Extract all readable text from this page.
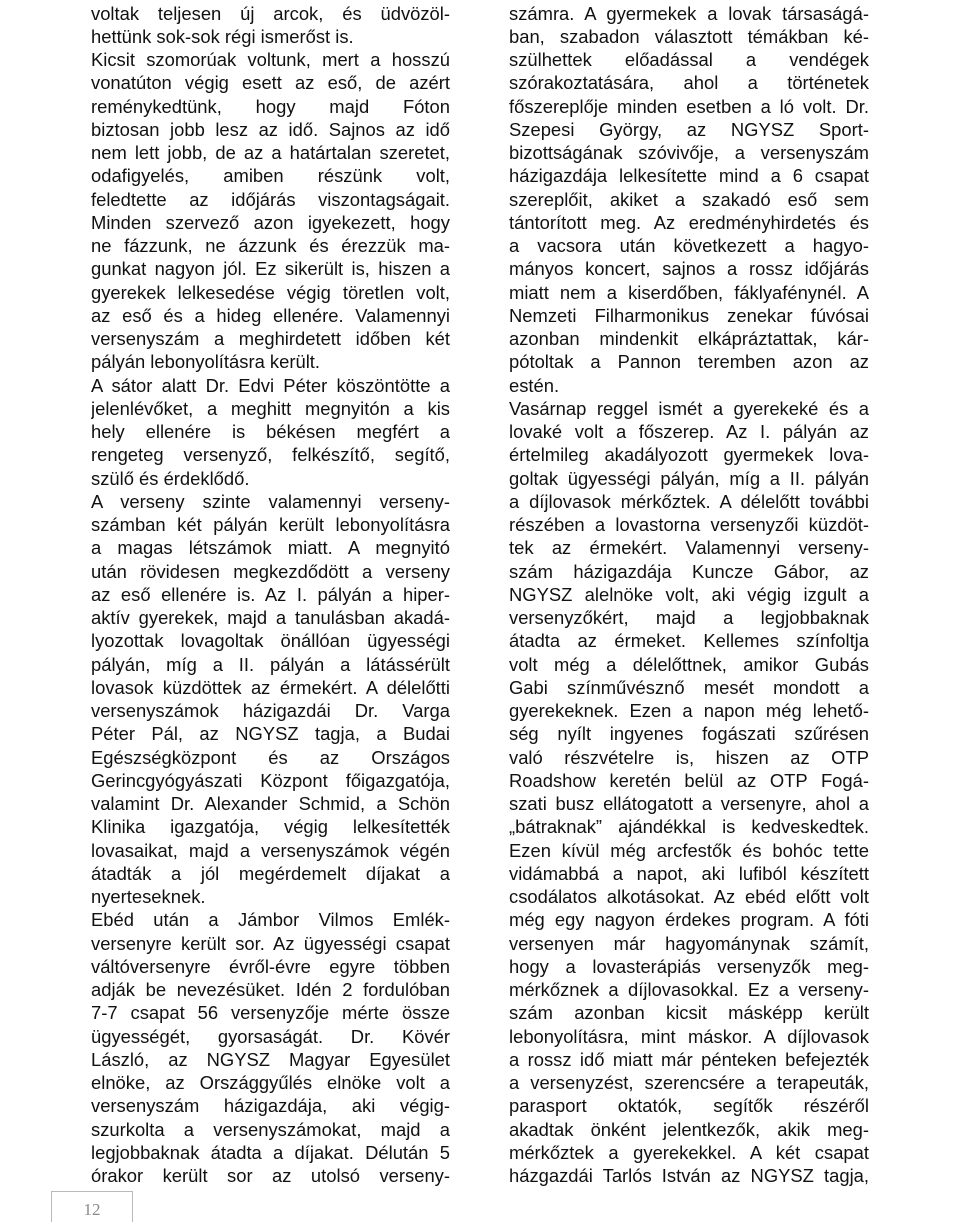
voltak teljesen új arcok, és üdvözöl-
hettünk sok-sok régi ismerőst is.
Kicsit szomorúak voltunk, mert a hosszú
vonatúton végig esett az eső, de azért
reménykedtünk, hogy majd Fóton
biztosan jobb lesz az idő. Sajnos az idő
nem lett jobb, de az a határtalan szeretet,
odafigyelés, amiben részünk volt,
feledtette az időjárás viszontagságait.
Minden szervező azon igyekezett, hogy
ne fázzunk, ne ázzunk és érezzük ma-
gunkat nagyon jól. Ez sikerült is, hiszen a
gyerekek lelkesedése végig töretlen volt,
az eső és a hideg ellenére. Valamennyi
versenyszám a meghirdetett időben két
pályán lebonyolításra került.
A sátor alatt Dr. Edvi Péter köszöntötte a
jelenlévőket, a meghitt megnyitón a kis
hely ellenére is békésen megfért a
rengeteg versenyző, felkészítő, segítő,
szülő és érdeklődő.
A verseny szinte valamennyi verseny-
számban két pályán került lebonyolításra
a magas létszámok miatt. A megnyitó
után rövidesen megkezdődött a verseny
az eső ellenére is. Az I. pályán a hiper-
aktív gyerekek, majd a tanulásban akadá-
lyozottak lovagoltak önállóan ügyességi
pályán, míg a II. pályán a látássérült
lovasok küzdöttek az érmekért. A délelőtti
versenyszámok házigazdái Dr. Varga
Péter Pál, az NGYSZ tagja, a Budai
Egészségközpont és az Országos
Gerincgyógyászati Központ főigazgatója,
valamint Dr. Alexander Schmid, a Schön
Klinika igazgatója, végig lelkesítették
lovasaikat, majd a versenyszámok végén
átadták a jól megérdemelt díjakat a
nyerteseknek.
Ebéd után a Jámbor Vilmos Emlék-
versenyre került sor. Az ügyességi csapat
váltóversenyre évről-évre egyre többen
adják be nevezésüket. Idén 2 fordulóban
7-7 csapat 56 versenyzője mérte össze
ügyességét, gyorsaságát. Dr. Kövér
László, az NGYSZ Magyar Egyesület
elnöke, az Országgyűlés elnöke volt a
versenyszám házigazdája, aki végig-
szurkolta a versenyszámokat, majd a
legjobbaknak átadta a díjakat. Délután 5
órakor került sor az utolsó verseny-
számra. A gyermekek a lovak társaságá-
ban, szabadon választott témákban ké-
szülhettek előadással a vendégek
szórakoztatására, ahol a történetek
főszereplője minden esetben a ló volt. Dr.
Szepesi György, az NGYSZ Sport-
bizottságának szóvivője, a versenyszám
házigazdája lelkesítette mind a 6 csapat
szereplőit, akiket a szakadó eső sem
tántorított meg. Az eredményhirdetés és
a vacsora után következett a hagyo-
mányos koncert, sajnos a rossz időjárás
miatt nem a kiserdőben, fáklyafénynél. A
Nemzeti Filharmonikus zenekar fúvósai
azonban mindenkit elkápráztattak, kár-
pótoltak a Pannon teremben azon az
estén.
Vasárnap reggel ismét a gyerekeké és a
lovaké volt a főszerep. Az I. pályán az
értelmileg akadályozott gyermekek lova-
goltak ügyességi pályán, míg a II. pályán
a díjlovasok mérkőztek. A délelőtt további
részében a lovastorna versenyzői küzdöt-
tek az érmekért. Valamennyi verseny-
szám házigazdája Kuncze Gábor, az
NGYSZ alelnöke volt, aki végig izgult a
versenyzőkért, majd a legjobbaknak
átadta az érmeket. Kellemes színfoltja
volt még a délelőttnek, amikor Gubás
Gabi színművésznő mesét mondott a
gyerekeknek. Ezen a napon még lehető-
ség nyílt ingyenes fogászati szűrésen
való részvételre is, hiszen az OTP
Roadshow keretén belül az OTP Fogá-
szati busz ellátogatott a versenyre, ahol a
„bátraknak” ajándékkal is kedveskedtek.
Ezen kívül még arcfestők és bohóc tette
vidámabbá a napot, aki lufiból készített
csodálatos alkotásokat. Az ebéd előtt volt
még egy nagyon érdekes program. A fóti
versenyen már hagyománynak számít,
hogy a lovasterápiás versenyzők meg-
mérkőznek a díjlovasokkal. Ez a verseny-
szám azonban kicsit másképp került
lebonyolításra, mint máskor. A díjlovasok
a rossz idő miatt már pénteken befejezték
a versenyzést, szerencsére a terapeuták,
parasport oktatók, segítők részéről
akadtak önként jelentkezők, akik meg-
mérkőztek a gyerekekkel. A két csapat
házgazdái Tarlós István az NGYSZ tagja,
12
